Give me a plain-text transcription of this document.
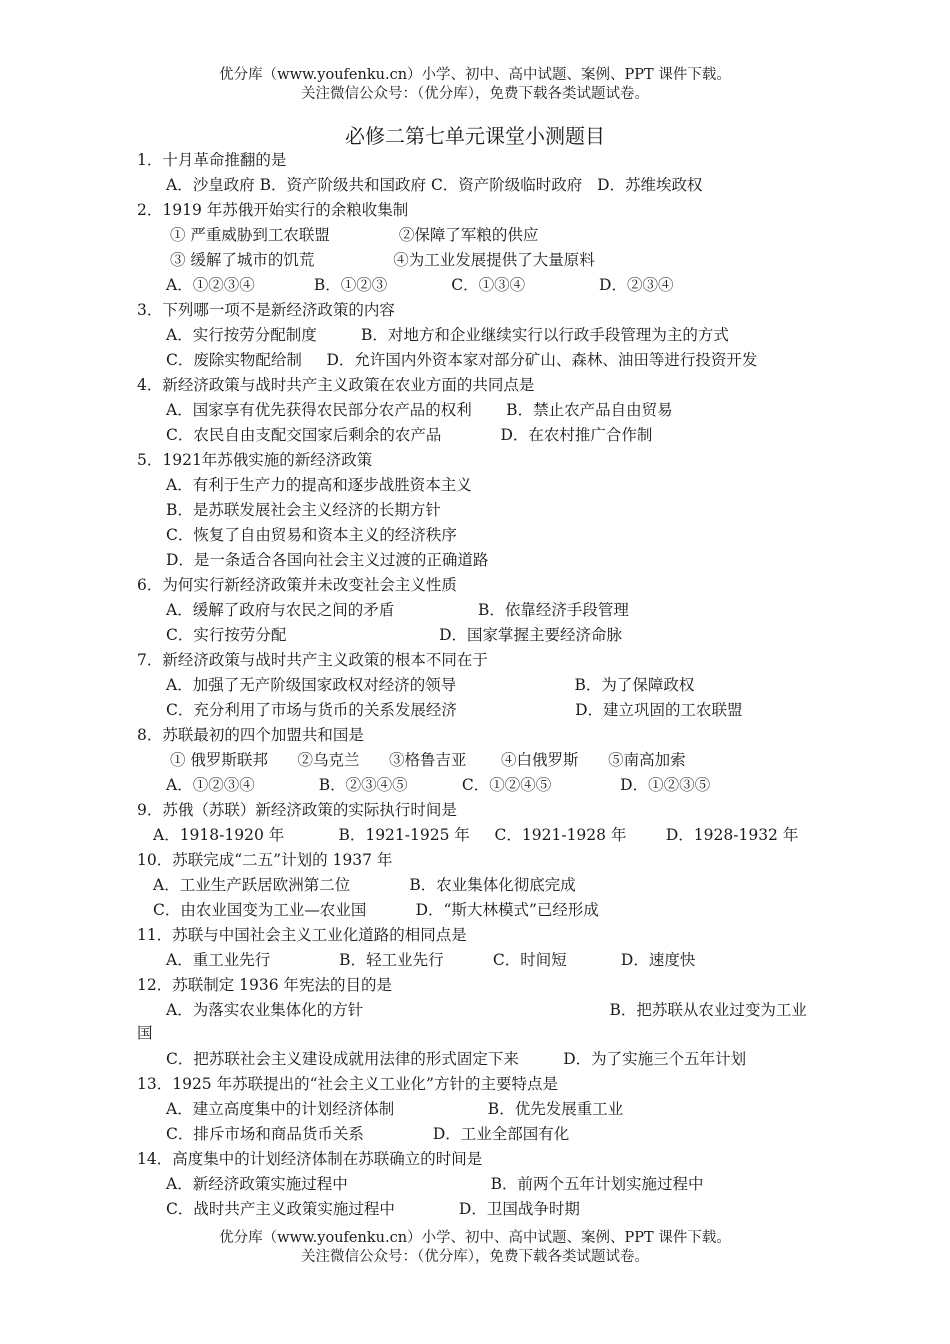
优分库（www.youfenku.cn）小学、初中、高中试题、案例、PPT 课件下载。
关注微信公众号：（优分库），免费下载各类试题试卷。
必修二第七单元课堂小测题目
1．十月革命推翻的是
A．沙皇政府 B．资产阶级共和国政府 C．资产阶级临时政府   D．苏维埃政权
2．1919 年苏俄开始实行的余粮收集制
① 严重威胁到工农联盟              ②保障了军粮的供应
③ 缓解了城市的饥荒                ④为工业发展提供了大量原料
A．①②③④            B．①②③             C．①③④               D．②③④
3．下列哪一项不是新经济政策的内容
A．实行按劳分配制度         B．对地方和企业继续实行以行政手段管理为主的方式
C．废除实物配给制     D．允许国内外资本家对部分矿山、森林、油田等进行投资开发
4．新经济政策与战时共产主义政策在农业方面的共同点是
A．国家享有优先获得农民部分农产品的权利       B．禁止农产品自由贸易
C．农民自由支配交国家后剩余的农产品            D．在农村推广合作制
5．1921年苏俄实施的新经济政策
A．有利于生产力的提高和逐步战胜资本主义
B．是苏联发展社会主义经济的长期方针
C．恢复了自由贸易和资本主义的经济秩序
D．是一条适合各国向社会主义过渡的正确道路
6．为何实行新经济政策并未改变社会主义性质
A．缓解了政府与农民之间的矛盾                 B．依靠经济手段管理
C．实行按劳分配                               D．国家掌握主要经济命脉
7．新经济政策与战时共产主义政策的根本不同在于
A．加强了无产阶级国家政权对经济的领导                        B．为了保障政权
C．充分利用了市场与货币的关系发展经济                        D．建立巩固的工农联盟
8．苏联最初的四个加盟共和国是
① 俄罗斯联邦      ②乌克兰      ③格鲁吉亚       ④白俄罗斯      ⑤南高加索
A．①②③④             B．②③④⑤           C．①②④⑤              D．①②③⑤
9．苏俄（苏联）新经济政策的实际执行时间是
A．1918-1920 年           B．1921-1925 年     C．1921-1928 年        D．1928-1932 年
10．苏联完成“二五”计划的 1937 年
A．工业生产跃居欧洲第二位            B．农业集体化彻底完成
C．由农业国变为工业—农业国          D．“斯大林模式”已经形成
11．苏联与中国社会主义工业化道路的相同点是
A．重工业先行              B．轻工业先行          C．时间短           D．速度快
12．苏联制定 1936 年宪法的目的是
A．为落实农业集体化的方针                                                  B．把苏联从农业过变为工业
国
C．把苏联社会主义建设成就用法律的形式固定下来         D．为了实施三个五年计划
13．1925 年苏联提出的“社会主义工业化”方针的主要特点是
A．建立高度集中的计划经济体制                   B．优先发展重工业
C．排斥市场和商品货币关系              D．工业全部国有化
14．高度集中的计划经济体制在苏联确立的时间是
A．新经济政策实施过程中                             B．前两个五年计划实施过程中
C．战时共产主义政策实施过程中             D．卫国战争时期
优分库（www.youfenku.cn）小学、初中、高中试题、案例、PPT 课件下载。
关注微信公众号：（优分库），免费下载各类试题试卷。
